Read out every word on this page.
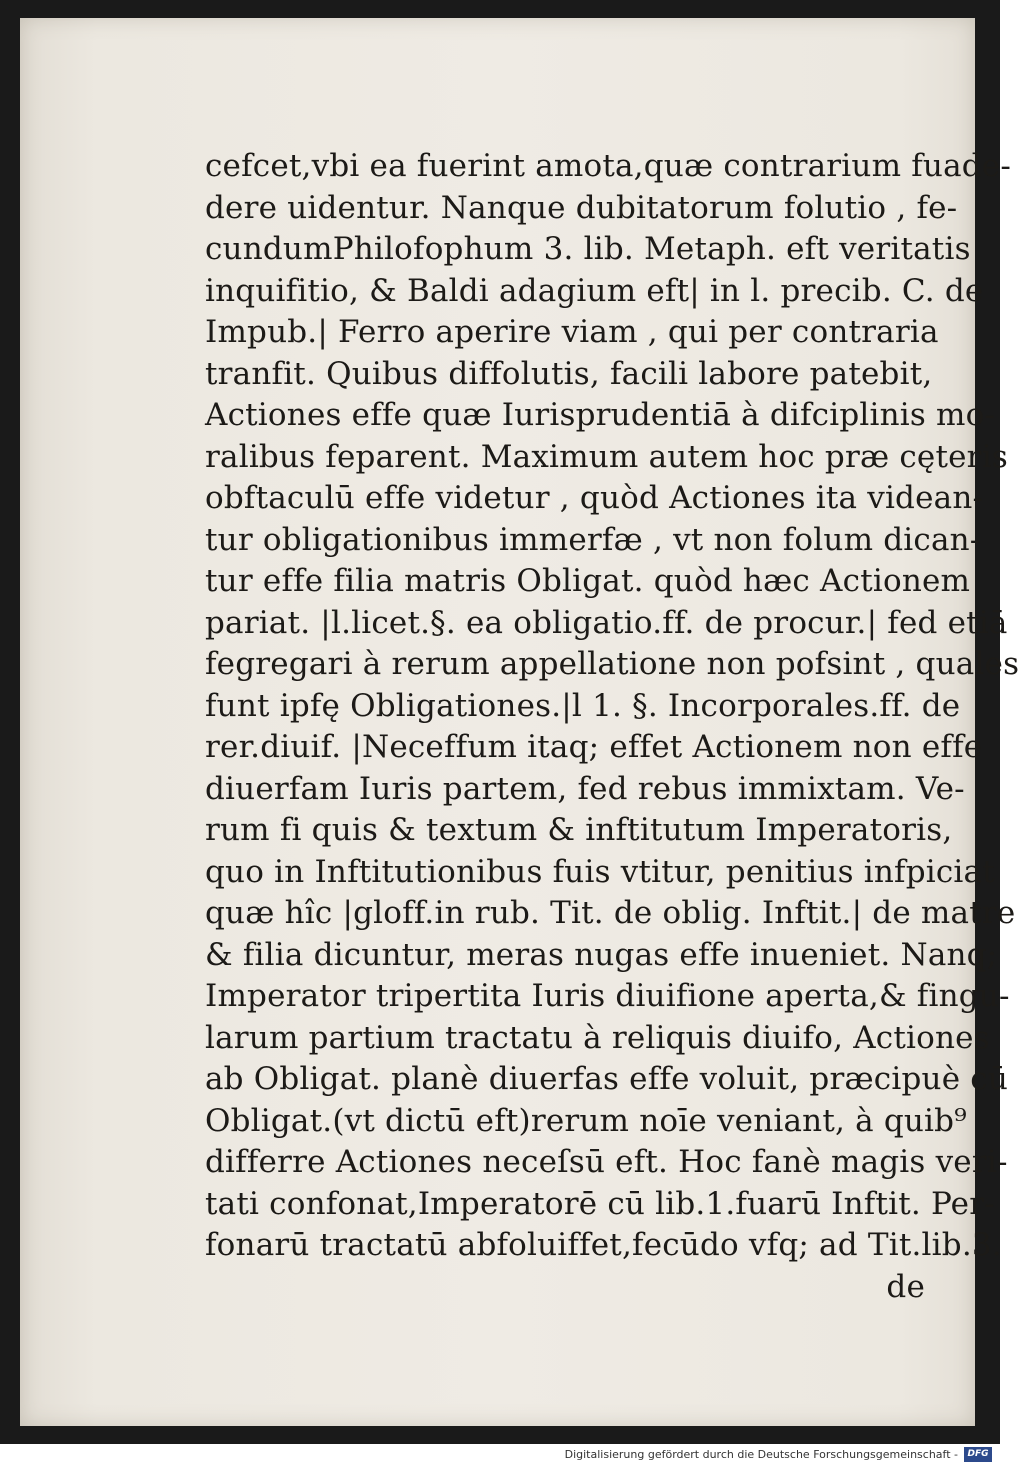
cefcet,vbi ea fuerint amota,quæ contrarium fuade-
dere uidentur. Nanque dubitatorum folutio , fe-
cundumPhilofophum 3. lib. Metaph. eft veritatis
inquifitio, & Baldi adagium eft| in l. precib. C. de
Impub.| Ferro aperire viam , qui per contraria
tranfit. Quibus diffolutis, facili labore patebit,
Actiones effe quæ Iurisprudentiā à difciplinis mo-
ralibus feparent. Maximum autem hoc præ cęteris
obftaculū effe videtur , quòd Actiones ita videan-
tur obligationibus immerfæ , vt non folum dican-
tur effe filia matris Obligat. quòd hæc Actionem
pariat. |l.licet.§. ea obligatio.ff. de procur.| fed etiā
fegregari à rerum appellatione non pofsint , quales
funt ipfę Obligationes.|l 1. §. Incorporales.ff. de
rer.diuif. |Neceffum itaq; effet Actionem non effe
diuerfam Iuris partem, fed rebus immixtam. Ve-
rum fi quis & textum & inftitutum Imperatoris,
quo in Inftitutionibus fuis vtitur, penitius infpiciat
quæ hîc |gloff.in rub. Tit. de oblig. Inftit.| de matre
& filia dicuntur, meras nugas effe inueniet. Nanq;
Imperator tripertita Iuris diuifione aperta,& fingu-
larum partium tractatu à reliquis diuifo, Actiones
ab Obligat. planè diuerfas effe voluit, præcipuè cū
Obligat.(vt dictū eft)rerum noīe veniant, à quib⁹
differre Actiones neceſsū eft. Hoc fanè magis veri-
tati confonat,Imperatorē cū lib.1.fuarū Inftit. Per-
fonarū tractatū abfoluiffet,fecūdo vfq; ad Tit.lib.3.
de
Digitalisierung gefördert durch die Deutsche Forschungsgemeinschaft -	DFG
